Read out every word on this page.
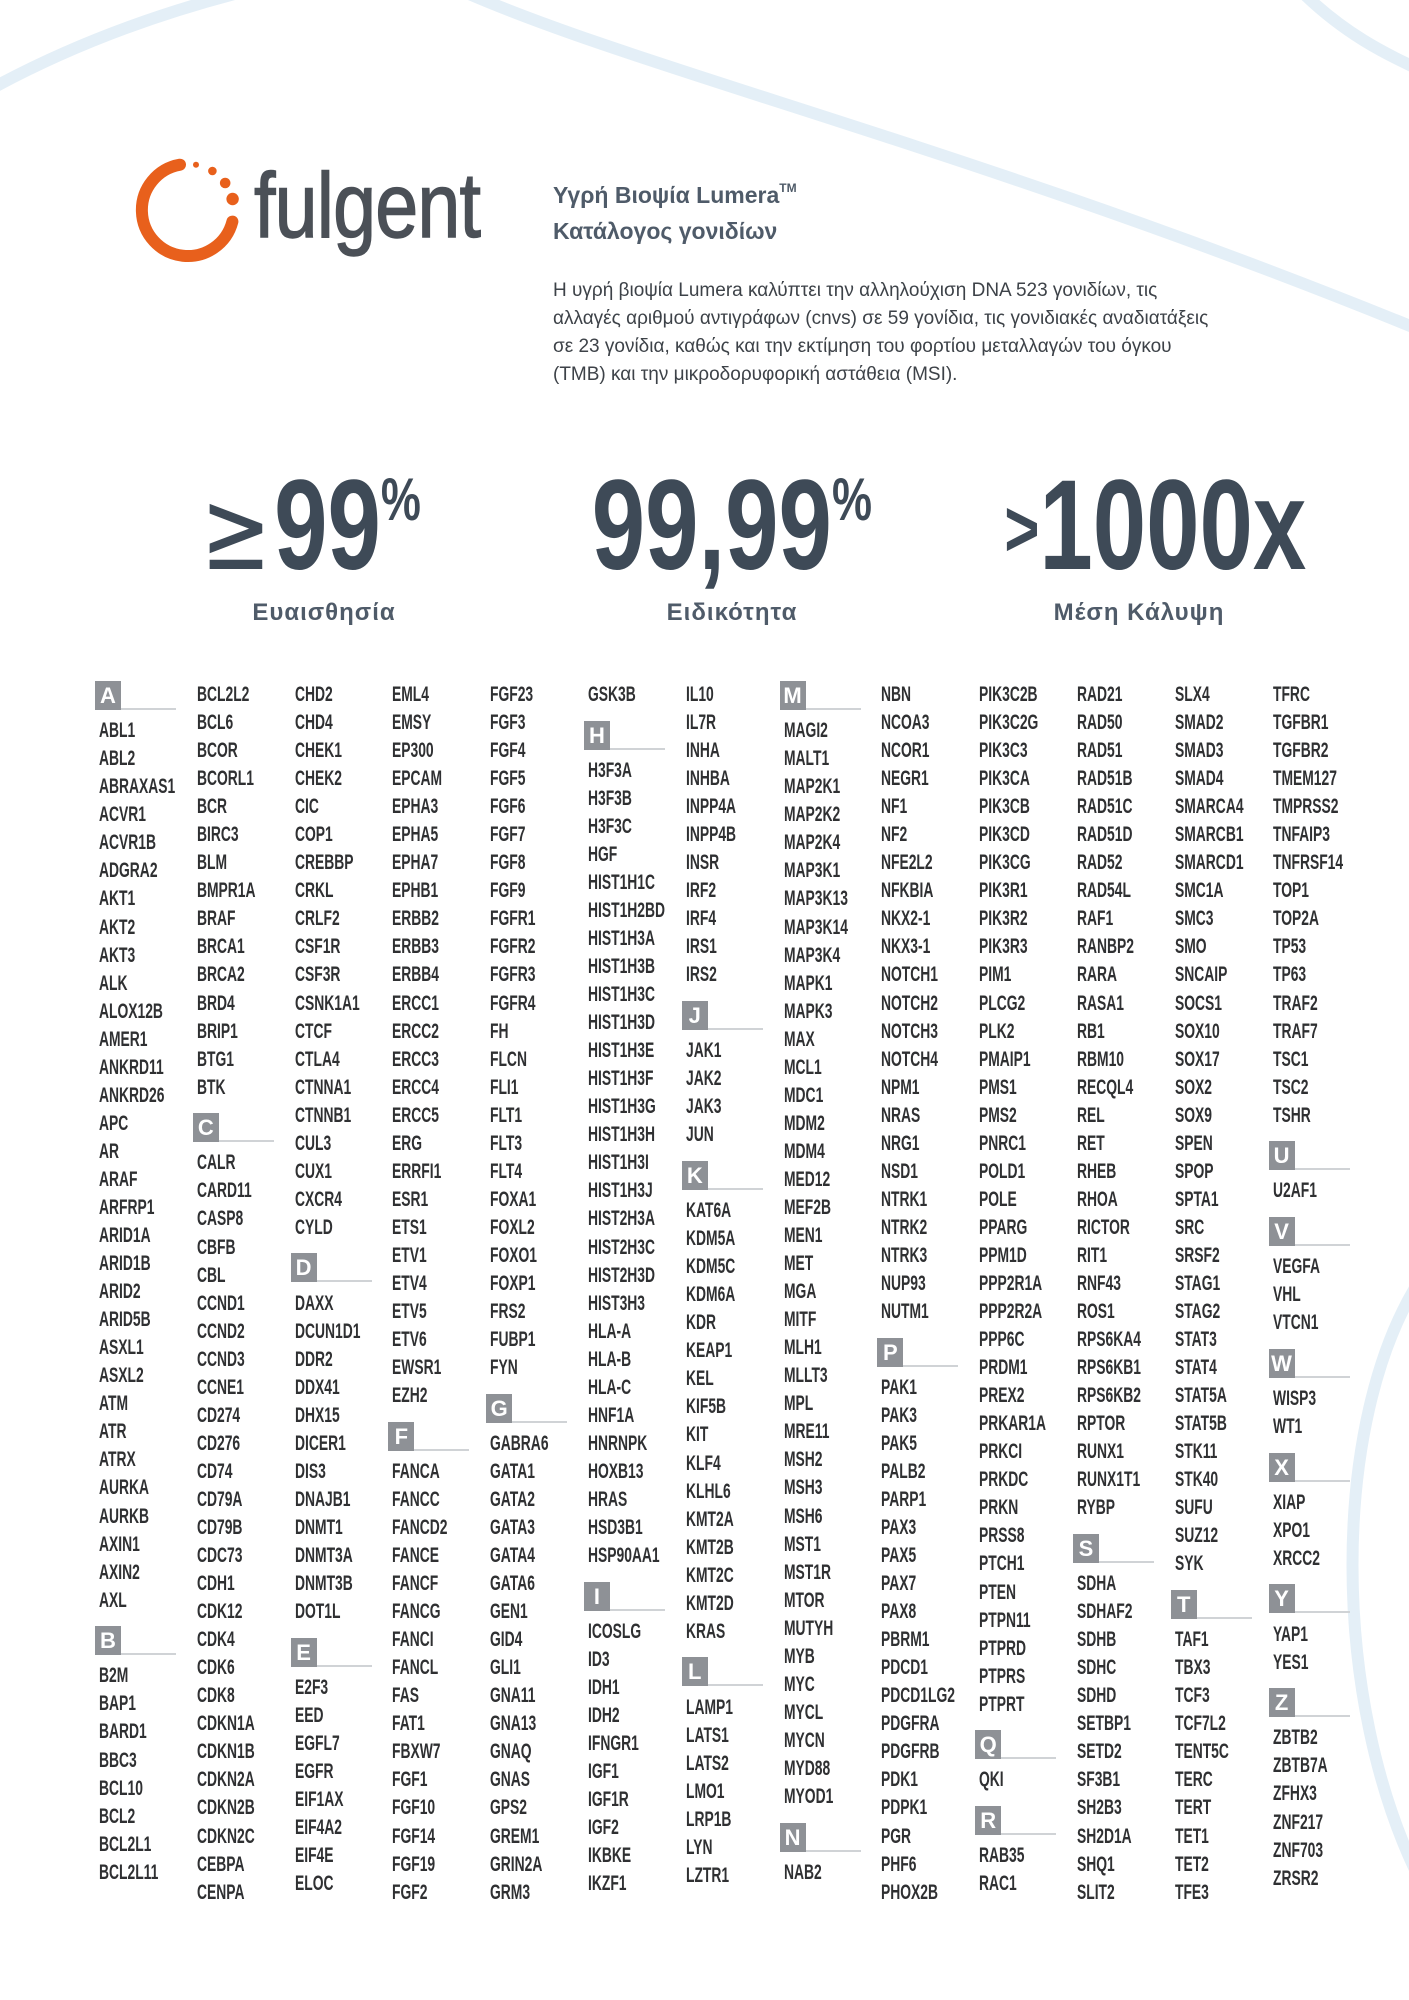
fulgent	Υγρή Βιοψία Lumera™
Κατάλογος γονιδίων
Η υγρή βιοψία Lumera καλύπτει την αλληλούχιση DNA 523 γονιδίων, τις
αλλαγές αριθμού αντιγράφων (cnvs) σε 59 γονίδια, τις γονιδιακές αναδιατάξεις
σε 23 γονίδια, καθώς και την εκτίμηση του φορτίου μεταλλαγών του όγκου
(TMB) και την μικροδορυφορική αστάθεια (MSI).
≥99%
Ευαισθησία
99,99%
Ειδικότητα
>1000x
Μέση Κάλυψη
A
ABL1
ABL2
ABRAXAS1
ACVR1
ACVR1B
ADGRA2
AKT1
AKT2
AKT3
ALK
ALOX12B
AMER1
ANKRD11
ANKRD26
APC
AR
ARAF
ARFRP1
ARID1A
ARID1B
ARID2
ARID5B
ASXL1
ASXL2
ATM
ATR
ATRX
AURKA
AURKB
AXIN1
AXIN2
AXL
B
B2M
BAP1
BARD1
BBC3
BCL10
BCL2
BCL2L1
BCL2L11
BCL2L2
BCL6
BCOR
BCORL1
BCR
BIRC3
BLM
BMPR1A
BRAF
BRCA1
BRCA2
BRD4
BRIP1
BTG1
BTK
C
CALR
CARD11
CASP8
CBFB
CBL
CCND1
CCND2
CCND3
CCNE1
CD274
CD276
CD74
CD79A
CD79B
CDC73
CDH1
CDK12
CDK4
CDK6
CDK8
CDKN1A
CDKN1B
CDKN2A
CDKN2B
CDKN2C
CEBPA
CENPA
CHD2
CHD4
CHEK1
CHEK2
CIC
COP1
CREBBP
CRKL
CRLF2
CSF1R
CSF3R
CSNK1A1
CTCF
CTLA4
CTNNA1
CTNNB1
CUL3
CUX1
CXCR4
CYLD
D
DAXX
DCUN1D1
DDR2
DDX41
DHX15
DICER1
DIS3
DNAJB1
DNMT1
DNMT3A
DNMT3B
DOT1L
E
E2F3
EED
EGFL7
EGFR
EIF1AX
EIF4A2
EIF4E
ELOC
EML4
EMSY
EP300
EPCAM
EPHA3
EPHA5
EPHA7
EPHB1
ERBB2
ERBB3
ERBB4
ERCC1
ERCC2
ERCC3
ERCC4
ERCC5
ERG
ERRFI1
ESR1
ETS1
ETV1
ETV4
ETV5
ETV6
EWSR1
EZH2
F
FANCA
FANCC
FANCD2
FANCE
FANCF
FANCG
FANCI
FANCL
FAS
FAT1
FBXW7
FGF1
FGF10
FGF14
FGF19
FGF2
FGF23
FGF3
FGF4
FGF5
FGF6
FGF7
FGF8
FGF9
FGFR1
FGFR2
FGFR3
FGFR4
FH
FLCN
FLI1
FLT1
FLT3
FLT4
FOXA1
FOXL2
FOXO1
FOXP1
FRS2
FUBP1
FYN
G
GABRA6
GATA1
GATA2
GATA3
GATA4
GATA6
GEN1
GID4
GLI1
GNA11
GNA13
GNAQ
GNAS
GPS2
GREM1
GRIN2A
GRM3
GSK3B
H
H3F3A
H3F3B
H3F3C
HGF
HIST1H1C
HIST1H2BD
HIST1H3A
HIST1H3B
HIST1H3C
HIST1H3D
HIST1H3E
HIST1H3F
HIST1H3G
HIST1H3H
HIST1H3I
HIST1H3J
HIST2H3A
HIST2H3C
HIST2H3D
HIST3H3
HLA-A
HLA-B
HLA-C
HNF1A
HNRNPK
HOXB13
HRAS
HSD3B1
HSP90AA1
I
ICOSLG
ID3
IDH1
IDH2
IFNGR1
IGF1
IGF1R
IGF2
IKBKE
IKZF1
IL10
IL7R
INHA
INHBA
INPP4A
INPP4B
INSR
IRF2
IRF4
IRS1
IRS2
J
JAK1
JAK2
JAK3
JUN
K
KAT6A
KDM5A
KDM5C
KDM6A
KDR
KEAP1
KEL
KIF5B
KIT
KLF4
KLHL6
KMT2A
KMT2B
KMT2C
KMT2D
KRAS
L
LAMP1
LATS1
LATS2
LMO1
LRP1B
LYN
LZTR1
M
MAGI2
MALT1
MAP2K1
MAP2K2
MAP2K4
MAP3K1
MAP3K13
MAP3K14
MAP3K4
MAPK1
MAPK3
MAX
MCL1
MDC1
MDM2
MDM4
MED12
MEF2B
MEN1
MET
MGA
MITF
MLH1
MLLT3
MPL
MRE11
MSH2
MSH3
MSH6
MST1
MST1R
MTOR
MUTYH
MYB
MYC
MYCL
MYCN
MYD88
MYOD1
N
NAB2
NBN
NCOA3
NCOR1
NEGR1
NF1
NF2
NFE2L2
NFKBIA
NKX2-1
NKX3-1
NOTCH1
NOTCH2
NOTCH3
NOTCH4
NPM1
NRAS
NRG1
NSD1
NTRK1
NTRK2
NTRK3
NUP93
NUTM1
P
PAK1
PAK3
PAK5
PALB2
PARP1
PAX3
PAX5
PAX7
PAX8
PBRM1
PDCD1
PDCD1LG2
PDGFRA
PDGFRB
PDK1
PDPK1
PGR
PHF6
PHOX2B
PIK3C2B
PIK3C2G
PIK3C3
PIK3CA
PIK3CB
PIK3CD
PIK3CG
PIK3R1
PIK3R2
PIK3R3
PIM1
PLCG2
PLK2
PMAIP1
PMS1
PMS2
PNRC1
POLD1
POLE
PPARG
PPM1D
PPP2R1A
PPP2R2A
PPP6C
PRDM1
PREX2
PRKAR1A
PRKCI
PRKDC
PRKN
PRSS8
PTCH1
PTEN
PTPN11
PTPRD
PTPRS
PTPRT
Q
QKI
R
RAB35
RAC1
RAD21
RAD50
RAD51
RAD51B
RAD51C
RAD51D
RAD52
RAD54L
RAF1
RANBP2
RARA
RASA1
RB1
RBM10
RECQL4
REL
RET
RHEB
RHOA
RICTOR
RIT1
RNF43
ROS1
RPS6KA4
RPS6KB1
RPS6KB2
RPTOR
RUNX1
RUNX1T1
RYBP
S
SDHA
SDHAF2
SDHB
SDHC
SDHD
SETBP1
SETD2
SF3B1
SH2B3
SH2D1A
SHQ1
SLIT2
SLX4
SMAD2
SMAD3
SMAD4
SMARCA4
SMARCB1
SMARCD1
SMC1A
SMC3
SMO
SNCAIP
SOCS1
SOX10
SOX17
SOX2
SOX9
SPEN
SPOP
SPTA1
SRC
SRSF2
STAG1
STAG2
STAT3
STAT4
STAT5A
STAT5B
STK11
STK40
SUFU
SUZ12
SYK
T
TAF1
TBX3
TCF3
TCF7L2
TENT5C
TERC
TERT
TET1
TET2
TFE3
TFRC
TGFBR1
TGFBR2
TMEM127
TMPRSS2
TNFAIP3
TNFRSF14
TOP1
TOP2A
TP53
TP63
TRAF2
TRAF7
TSC1
TSC2
TSHR
U
U2AF1
V
VEGFA
VHL
VTCN1
W
WISP3
WT1
X
XIAP
XPO1
XRCC2
Y
YAP1
YES1
Z
ZBTB2
ZBTB7A
ZFHX3
ZNF217
ZNF703
ZRSR2
